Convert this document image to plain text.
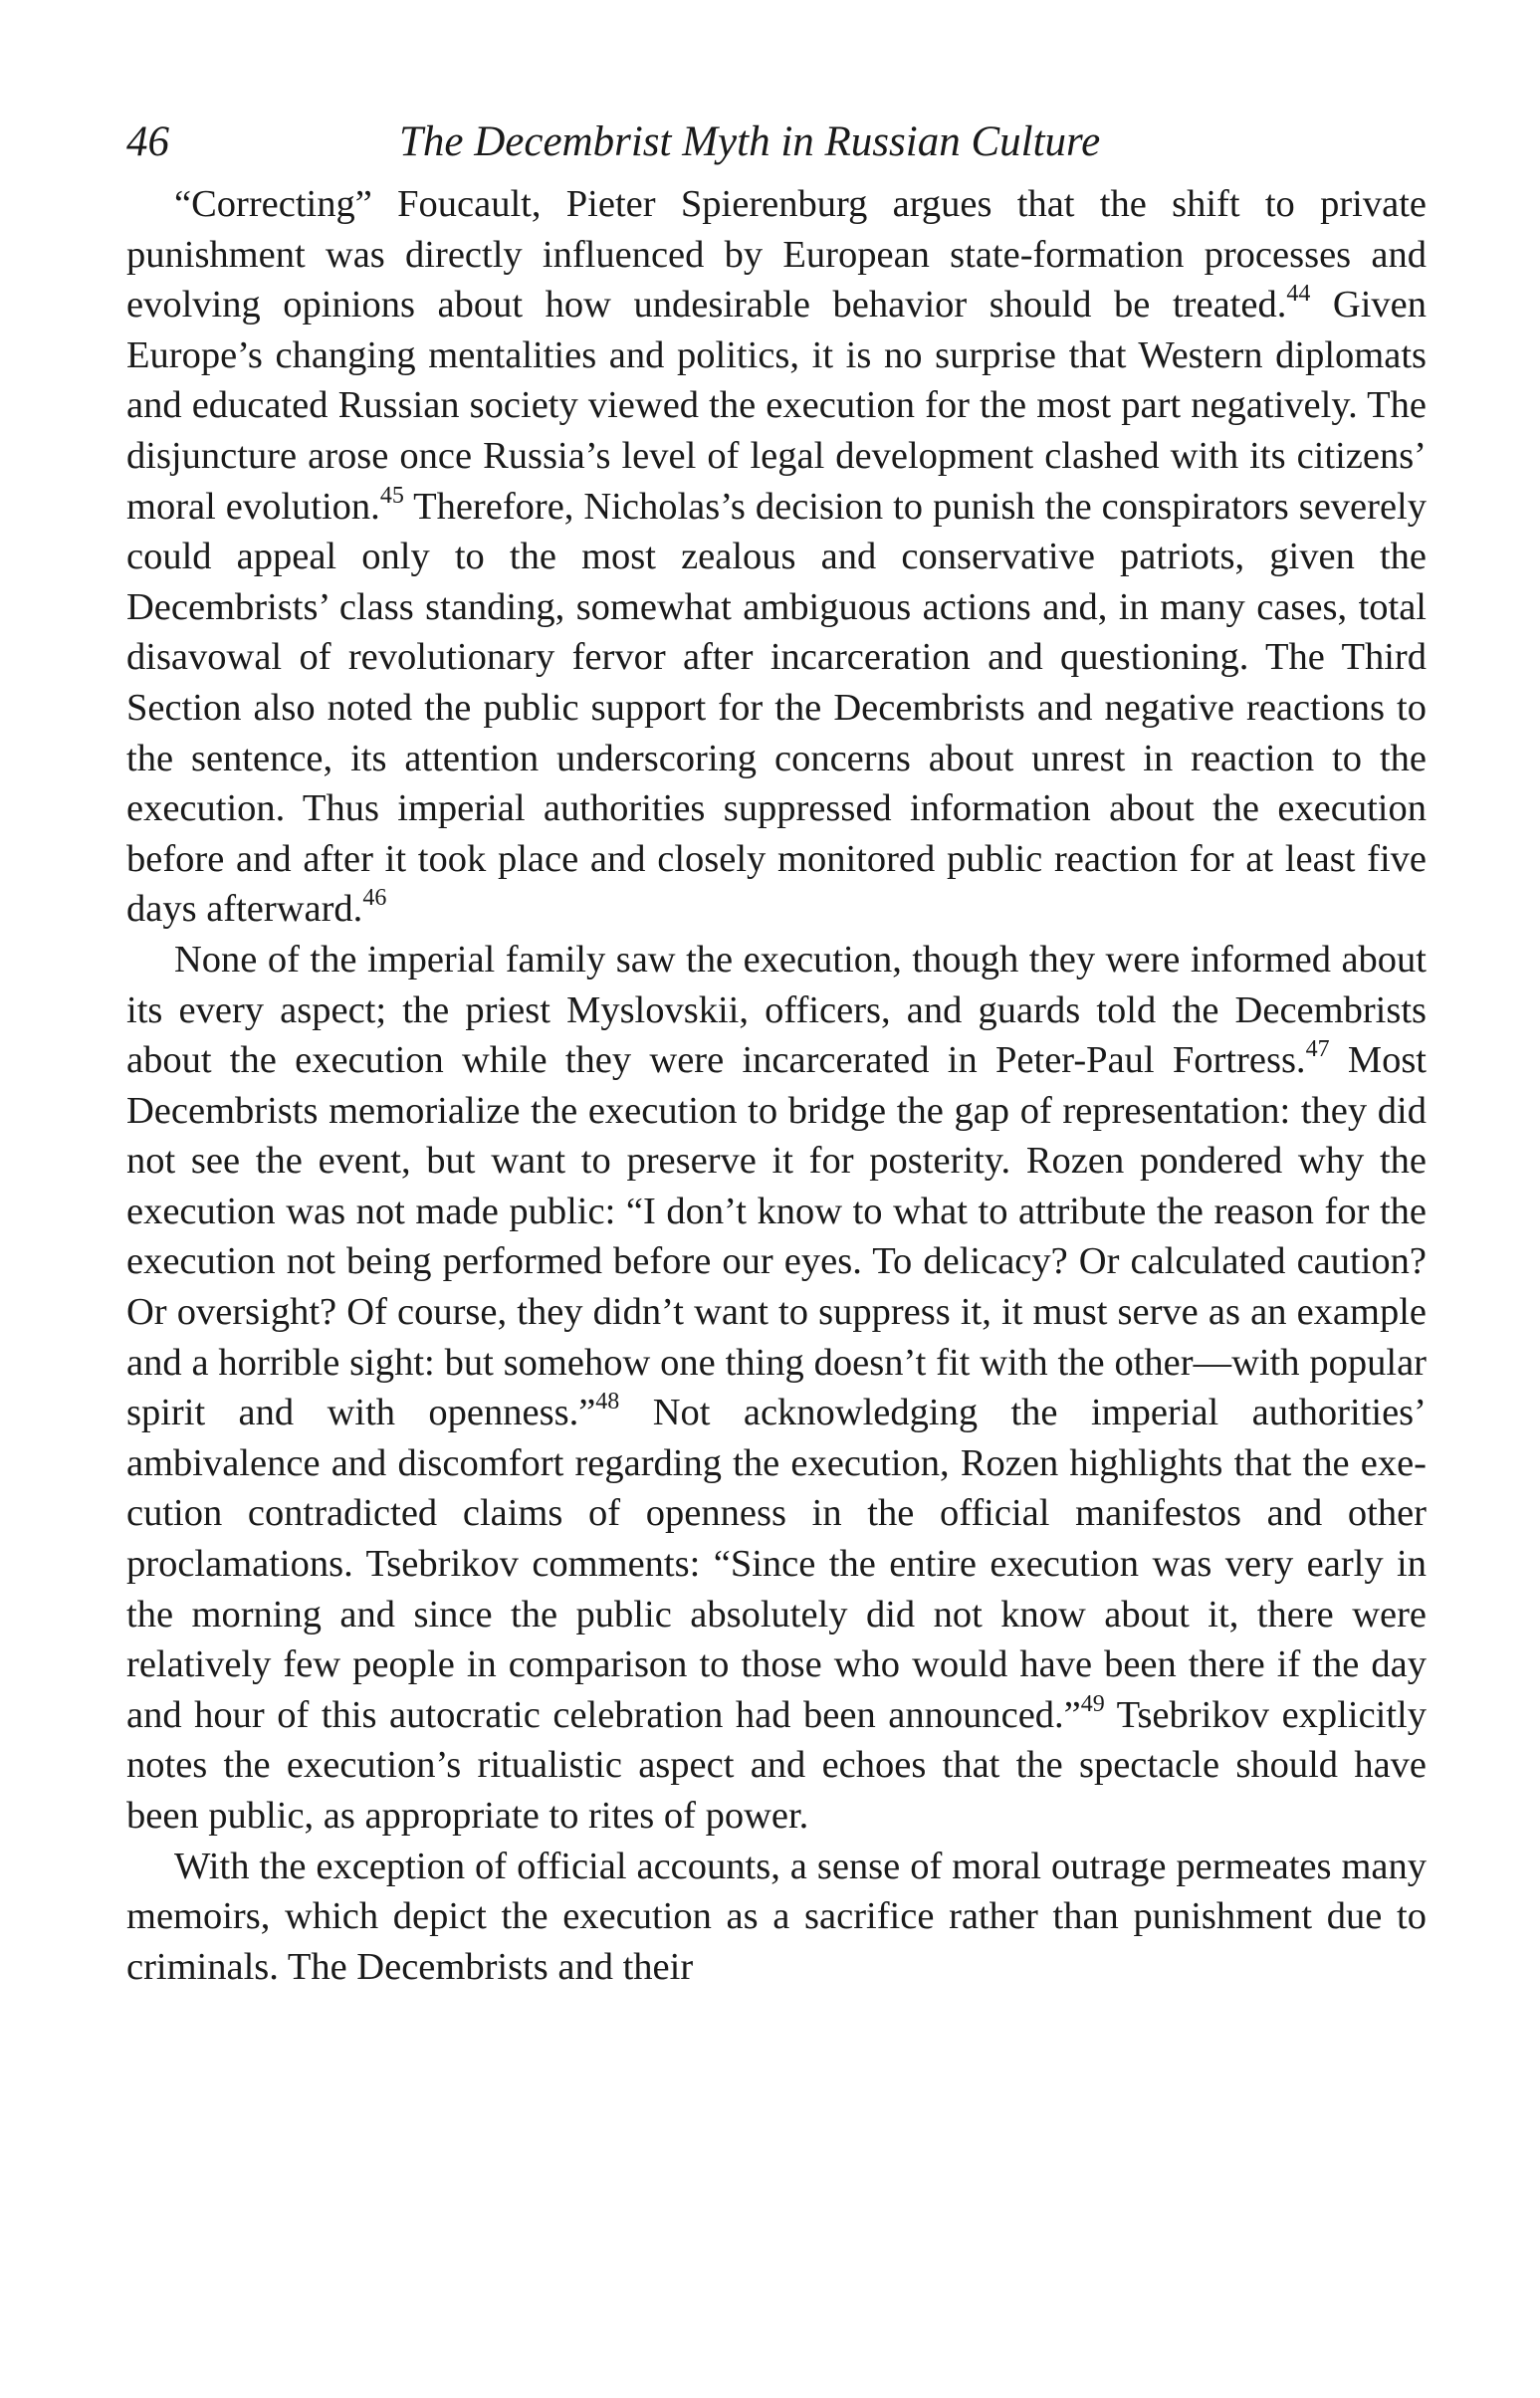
46	The Decembrist Myth in Russian Culture

“Correcting” Foucault, Pieter Spierenburg argues that the shift to private punishment was directly influenced by European state-formation processes and evolving opinions about how undesirable behavior should be treated.$^{44}$ Given Europe’s changing mentalities and politics, it is no surprise that Western diplomats and educated Russian society viewed the execution for the most part negatively. The disjuncture arose once Russia’s level of legal development clashed with its citizens’ moral evolution.$^{45}$ Therefore, Nicholas’s decision to punish the conspirators severely could appeal only to the most zealous and conservative patriots, given the Decembrists’ class standing, somewhat ambiguous actions and, in many cases, total disavowal of revolutionary fervor after incarceration and questioning. The Third Section also noted the public support for the Decembrists and negative reactions to the sentence, its attention underscoring concerns about unrest in reaction to the execution. Thus imperial authorities suppressed information about the execution before and after it took place and closely monitored public reaction for at least five days afterward.$^{46}$

None of the imperial family saw the execution, though they were informed about its every aspect; the priest Myslovskii, officers, and guards told the Decembrists about the execution while they were incarcerated in Peter-Paul Fortress.$^{47}$ Most Decembrists memorialize the execution to bridge the gap of representation: they did not see the event, but want to preserve it for posterity. Rozen pondered why the execution was not made public: “I don’t know to what to attribute the reason for the execution not being performed before our eyes. To delicacy? Or calculated caution? Or oversight? Of course, they didn’t want to suppress it, it must serve as an example and a horrible sight: but somehow one thing doesn’t fit with the other—with popular spirit and with openness.”$^{48}$ Not acknowledging the imperial authorities’ ambivalence and discomfort regarding the execution, Rozen highlights that the execution contradicted claims of openness in the official manifestos and other proclamations. Tsebrikov comments: “Since the entire execution was very early in the morning and since the public absolutely did not know about it, there were relatively few people in comparison to those who would have been there if the day and hour of this autocratic celebration had been announced.”$^{49}$ Tsebrikov explicitly notes the execution’s ritualistic aspect and echoes that the spectacle should have been public, as appropriate to rites of power.

With the exception of official accounts, a sense of moral outrage permeates many memoirs, which depict the execution as a sacrifice rather than punishment due to criminals. The Decembrists and their
